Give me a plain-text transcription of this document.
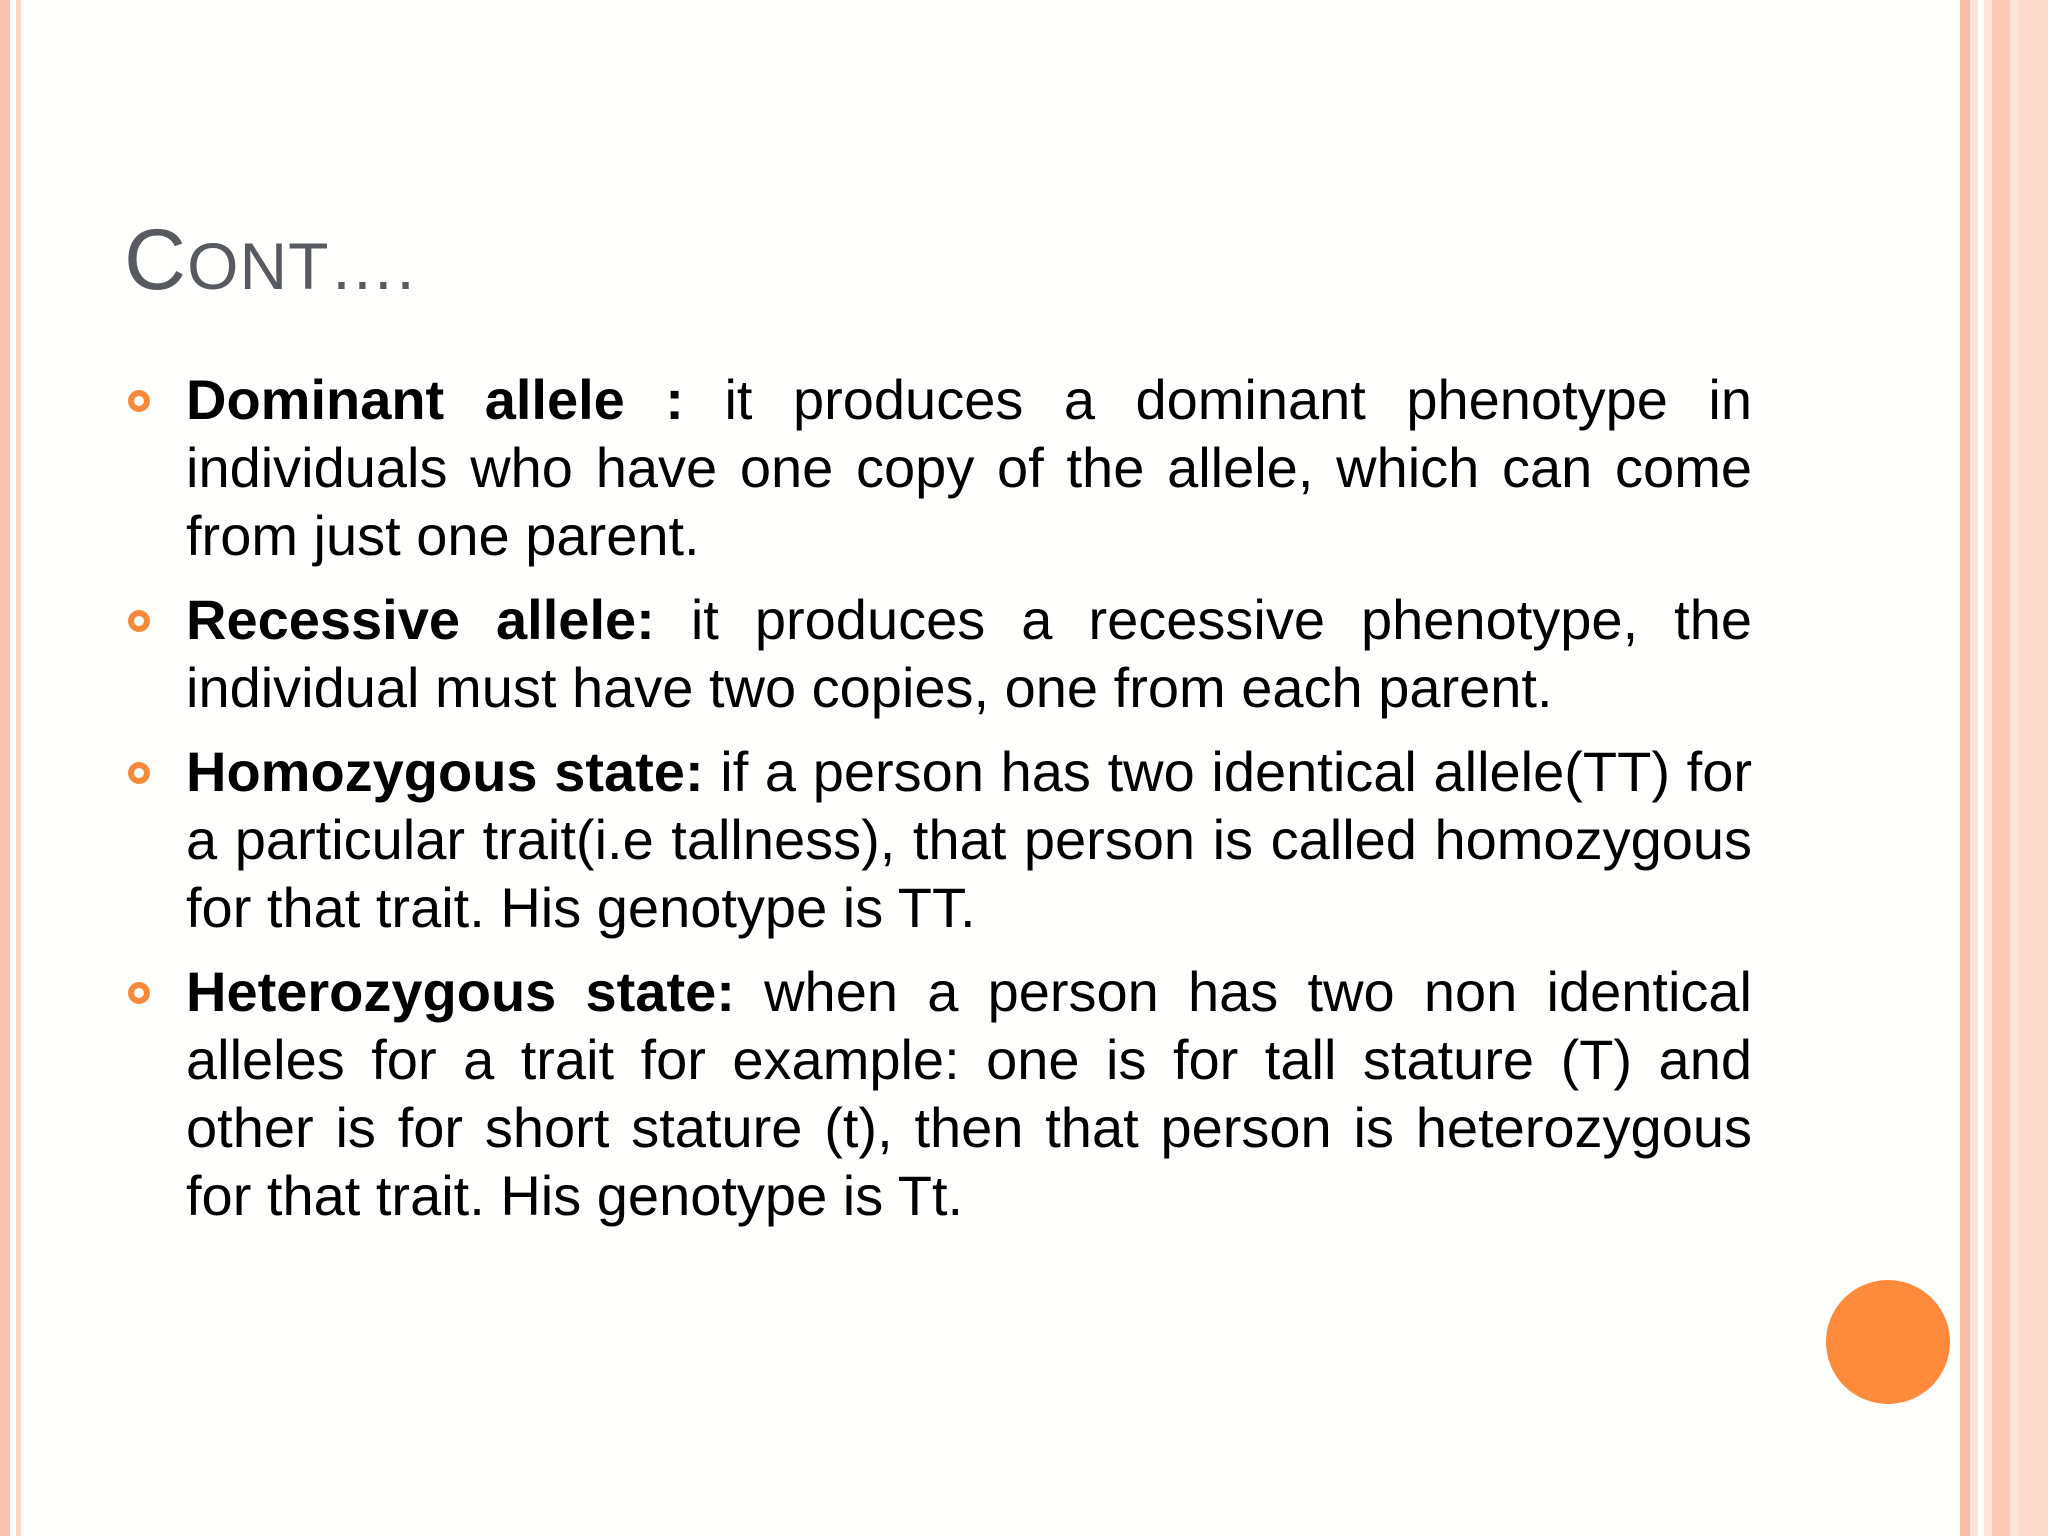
CONT….
Dominant allele : it produces a dominant phenotype in individuals who have one copy of the allele, which can come from just one parent.
Recessive allele: it produces a recessive phenotype, the individual must have two copies, one from each parent.
Homozygous state: if a person has two identical allele(TT) for a particular trait(i.e tallness), that person is called homozygous for that trait. His genotype is TT.
Heterozygous state: when a person has two non identical alleles for a trait for example: one is for tall stature (T) and other is for short stature (t), then that person is heterozygous for that trait. His genotype is Tt.
